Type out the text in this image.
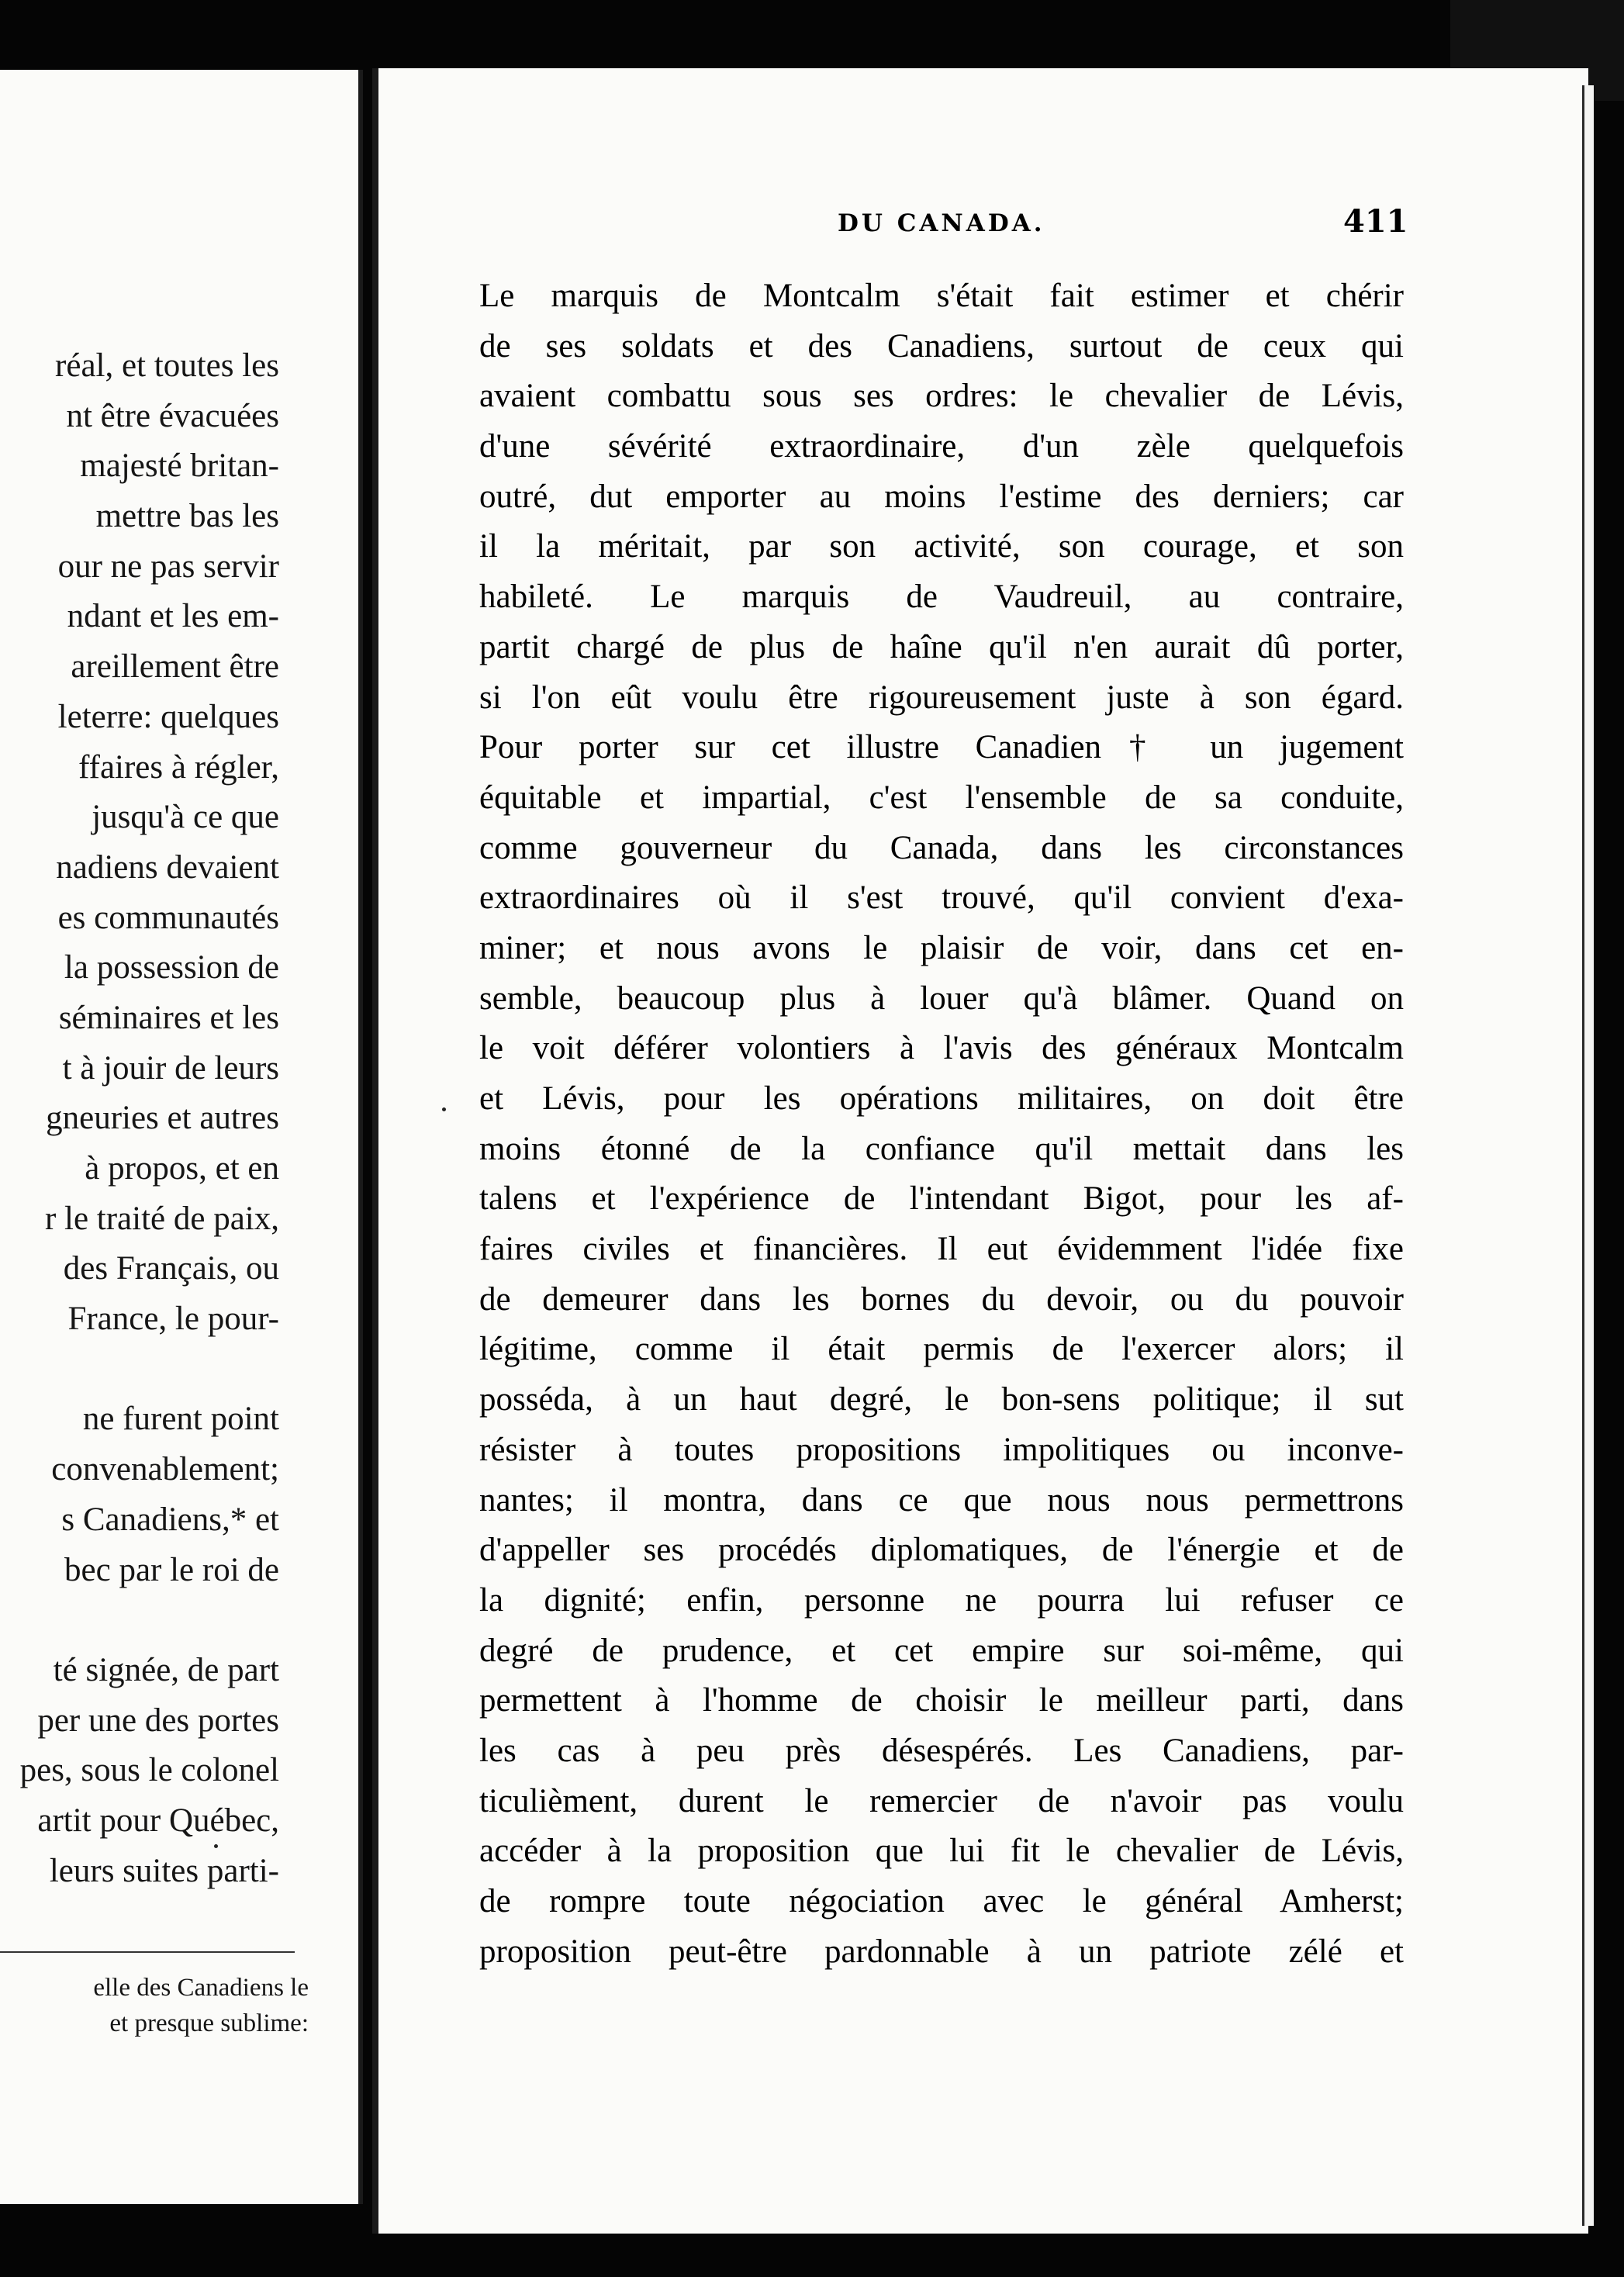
réal, et toutes les
nt être évacuées
majesté britan-
mettre bas les
our ne pas servir
ndant et les em-
areillement être
leterre: quelques
ffaires à régler,
jusqu'à ce que
nadiens devaient
es communautés
la possession de
séminaires et les
t à jouir de leurs
gneuries et autres
à propos, et en
r le traité de paix,
des Français, ou
France, le pour-
ne furent point
convenablement;
s Canadiens,* et
bec par le roi de
té signée, de part
per une des portes
pes, sous le colonel
artit pour Québec,
leurs suites parti-
elle des Canadiens le
et presque sublime:
DU CANADA.	411
Le marquis de Montcalm s'était fait estimer et chérir
de ses soldats et des Canadiens, surtout de ceux qui
avaient combattu sous ses ordres: le chevalier de Lévis,
d'une sévérité extraordinaire, d'un zèle quelquefois
outré, dut emporter au moins l'estime des derniers; car
il la méritait, par son activité, son courage, et son
habileté. Le marquis de Vaudreuil, au contraire,
partit chargé de plus de haîne qu'il n'en aurait dû porter,
si l'on eût voulu être rigoureusement juste à son égard.
Pour porter sur cet illustre Canadien† un jugement
équitable et impartial, c'est l'ensemble de sa conduite,
comme gouverneur du Canada, dans les circonstances
extraordinaires où il s'est trouvé, qu'il convient d'exa-
miner; et nous avons le plaisir de voir, dans cet en-
semble, beaucoup plus à louer qu'à blâmer. Quand on
le voit déférer volontiers à l'avis des généraux Montcalm
et Lévis, pour les opérations militaires, on doit être
moins étonné de la confiance qu'il mettait dans les
talens et l'expérience de l'intendant Bigot, pour les af-
faires civiles et financières. Il eut évidemment l'idée fixe
de demeurer dans les bornes du devoir, ou du pouvoir
légitime, comme il était permis de l'exercer alors; il
posséda, à un haut degré, le bon-sens politique; il sut
résister à toutes propositions impolitiques ou inconve-
nantes; il montra, dans ce que nous nous permettrons
d'appeller ses procédés diplomatiques, de l'énergie et de
la dignité; enfin, personne ne pourra lui refuser ce
degré de prudence, et cet empire sur soi-même, qui
permettent à l'homme de choisir le meilleur parti, dans
les cas à peu près désespérés. Les Canadiens, par-
ticulièment, durent le remercier de n'avoir pas voulu
accéder à la proposition que lui fit le chevalier de Lévis,
de rompre toute négociation avec le général Amherst;
proposition peut-être pardonnable à un patriote zélé et
